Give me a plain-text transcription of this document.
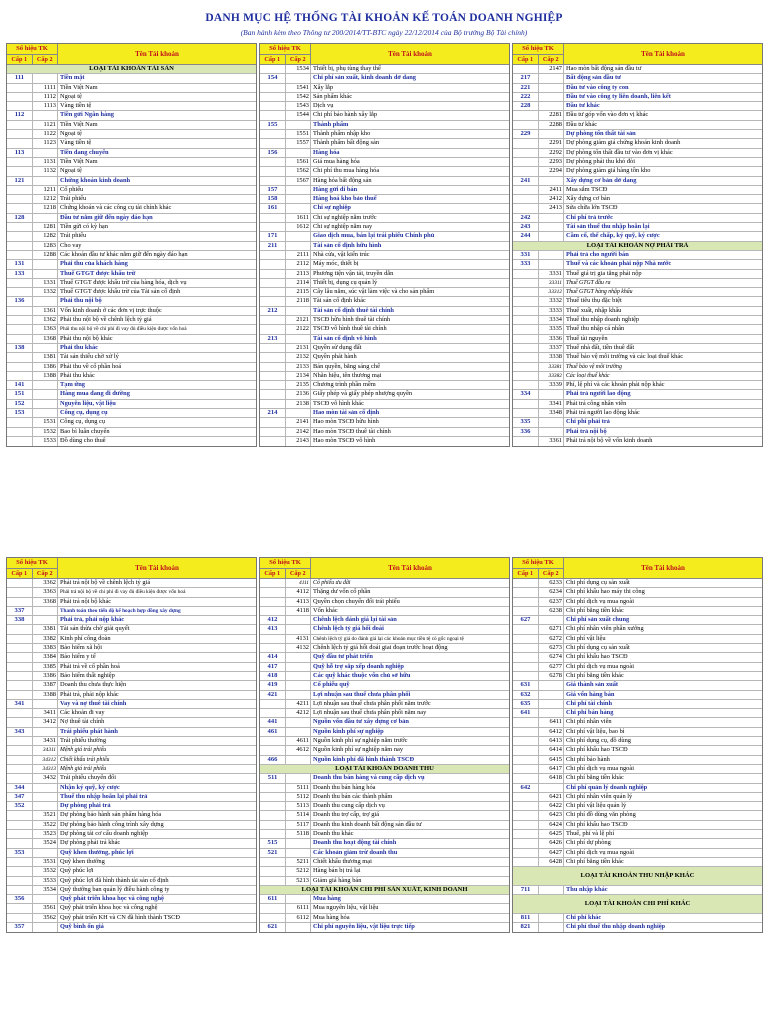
DANH MỤC HỆ THỐNG TÀI KHOẢN KẾ TOÁN DOANH NGHIỆP
(Ban hành kèm theo Thông tư 200/2014/TT-BTC ngày 22/12/2014 của Bộ trưởng Bộ Tài chính)
Số hiệu TK
Cấp 1	Cấp 2
Tên Tài khoản
LOẠI TÀI KHOẢN TÀI SẢN
111	Tiền mặt
1111 Tiền Việt Nam
1112 Ngoại tệ
1113 Vàng tiền tệ
112	Tiền gửi Ngân hàng
1121 Tiền Việt Nam
1122 Ngoại tệ
1123 Vàng tiền tệ
113	Tiền đang chuyển
1131 Tiền Việt Nam
1132 Ngoại tệ
121	Chứng khoán kinh doanh
1211 Cổ phiếu
1212 Trái phiếu
1218 Chứng khoán và các công cụ tài chính khác
128	Đầu tư nắm giữ đến ngày đáo hạn
1281 Tiền gửi có kỳ hạn
1282 Trái phiếu
1283 Cho vay
1288 Các khoản đầu tư khác nắm giữ đến ngày đáo hạn
131	Phải thu của khách hàng
133	Thuế GTGT được khấu trừ
1331 Thuế GTGT được khấu trừ của hàng hóa, dịch vụ
1332 Thuế GTGT được khấu trừ của Tài sản cố định
136	Phải thu nội bộ
1361 Vốn kinh doanh ở các đơn vị trực thuộc
1362 Phải thu nội bộ về chênh lệch tỷ giá
1363 Phải thu nội bộ về chi phí đi vay đủ điều kiện được vốn hoá
1368 Phải thu nội bộ khác
138	Phải thu khác
1381 Tài sản thiếu chờ xử lý
1386 Phải thu về cổ phần hoá
1388 Phải thu khác
141	Tạm ứng
151	Hàng mua đang đi đường
152	Nguyên liệu, vật liệu
153	Công cụ, dụng cụ
1531 Công cụ, dụng cụ
1532 Bao bì luân chuyển
1533 Đồ dùng cho thuê
Số hiệu TK
Cấp 1	Cấp 2
Tên Tài khoản
1534 Thiết bị, phụ tùng thay thế
154	Chi phí sản xuất, kinh doanh dở dang
1541 Xây lắp
1542 Sản phẩm khác
1543 Dịch vụ
1544 Chi phí bảo hành xây lắp
155	Thành phẩm
1551 Thành phẩm nhập kho
1557 Thành phẩm bất động sản
156	Hàng hóa
1561 Giá mua hàng hóa
1562 Chi phí thu mua hàng hóa
1567 Hàng hóa bất động sản
157	Hàng gửi đi bán
158	Hàng hoá kho bảo thuế
161	Chi sự nghiệp
1611 Chi sự nghiệp năm trước
1612 Chi sự nghiệp năm nay
171	Giao dịch mua, bán lại trái phiếu Chính phủ
211	Tài sản cố định hữu hình
2111 Nhà cửa, vật kiến trúc
2112 Máy móc, thiết bị
2113 Phương tiện vận tải, truyền dẫn
2114 Thiết bị, dụng cụ quản lý
2115 Cây lâu năm, súc vật làm việc và cho sản phẩm
2118 Tài sản cố định khác
212	Tài sản cố định thuê tài chính
2121 TSCĐ hữu hình thuê tài chính
2122 TSCĐ vô hình thuê tài chính
213	Tài sản cố định vô hình
2131 Quyền sử dụng đất
2132 Quyền phát hành
2133 Bản quyền, bằng sáng chế
2134 Nhãn hiệu, tên thương mại
2135 Chương trình phần mềm
2136 Giấy phép và giấy phép nhượng quyền
2138 TSCĐ vô hình khác
214	Hao mòn tài sản cố định
2141 Hao mòn TSCĐ hữu hình
2142 Hao mòn TSCĐ thuê tài chính
2143 Hao mòn TSCĐ vô hình
Số hiệu TK
Cấp 1	Cấp 2
Tên Tài khoản
2147 Hao mòn bất động sản đầu tư
217	Bất động sản đầu tư
221	Đầu tư vào công ty con
222	Đầu tư vào công ty liên doanh, liên kết
228	Đầu tư khác
2281 Đầu tư góp vốn vào đơn vị khác
2288 Đầu tư khác
229	Dự phòng tổn thất tài sản
2291 Dự phòng giảm giá chứng khoán kinh doanh
2292 Dự phòng tổn thất đầu tư vào đơn vị khác
2293 Dự phòng phải thu khó đòi
2294 Dự phòng giảm giá hàng tồn kho
241	Xây dựng cơ bản dở dang
2411 Mua sắm TSCĐ
2412 Xây dựng cơ bản
2413 Sửa chữa lớn TSCĐ
242	Chi phí trả trước
243	Tài sản thuế thu nhập hoãn lại
244	Cầm cố, thế chấp, ký quỹ, ký cược
LOẠI TÀI KHOẢN NỢ PHẢI TRẢ
331	Phải trả cho người bán
333	Thuế và các khoản phải nộp Nhà nước
3331 Thuế giá trị gia tăng phải nộp
33311 Thuế GTGT đầu ra
33312 Thuế GTGT hàng nhập khẩu
3332 Thuế tiêu thụ đặc biệt
3333 Thuế xuất, nhập khẩu
3334 Thuế thu nhập doanh nghiệp
3335 Thuế thu nhập cá nhân
3336 Thuế tài nguyên
3337 Thuế nhà đất, tiền thuê đất
3338 Thuế bảo vệ môi trường và các loại thuế khác
33381 Thuế bảo vệ môi trường
33382 Các loại thuế khác
3339 Phí, lệ phí và các khoản phải nộp khác
334	Phải trả người lao động
3341 Phải trả công nhân viên
3348 Phải trả người lao động khác
335	Chi phí phải trả
336	Phải trả nội bộ
3361 Phải trả nội bộ về vốn kinh doanh
Số hiệu TK
Cấp 1	Cấp 2
Tên Tài khoản
3362 Phải trả nội bộ về chênh lệch tỷ giá
3363 Phải trả nội bộ về chi phí đi vay đủ điều kiện được vốn hoá
3368 Phải trả nội bộ khác
337	Thanh toán theo tiến độ kế hoạch hợp đồng xây dựng
338	Phải trả, phải nộp khác
3381 Tài sản thừa chờ giải quyết
3382 Kinh phí công đoàn
3383 Bảo hiểm xã hội
3384 Bảo hiểm y tế
3385 Phải trả về cổ phần hoá
3386 Bảo hiểm thất nghiệp
3387 Doanh thu chưa thực hiện
3388 Phải trả, phải nộp khác
341	Vay và nợ thuê tài chính
3411 Các khoản đi vay
3412 Nợ thuê tài chính
343	Trái phiếu phát hành
3431 Trái phiếu thường
34311 Mệnh giá trái phiếu
34312 Chiết khấu trái phiếu
34313 Mệnh giá trái phiếu
3432 Trái phiếu chuyển đổi
344	Nhận ký quỹ, ký cược
347	Thuế thu nhập hoãn lại phải trả
352	Dự phòng phải trả
3521 Dự phòng bảo hành sản phẩm hàng hóa
3522 Dự phòng bảo hành công trình xây dựng
3523 Dự phòng tái cơ cấu doanh nghiệp
3524 Dự phòng phải trả khác
353	Quỹ khen thưởng, phúc lợi
3531 Quỹ khen thưởng
3532 Quỹ phúc lợi
3533 Quỹ phúc lợi đã hình thành tài sản cố định
3534 Quỹ thưởng ban quản lý điều hành công ty
356	Quỹ phát triển khoa học và công nghệ
3561 Quỹ phát triển khoa học và công nghệ
3562 Quỹ phát triển KH và CN đã hình thành TSCĐ
357	Quỹ bình ổn giá
Số hiệu TK
Cấp 1	Cấp 2
Tên Tài khoản
4111 Cổ phiếu ưu đãi
4112 Thặng dư vốn cổ phần
4113 Quyền chọn chuyển đổi trái phiếu
4118 Vốn khác
412	Chênh lệch đánh giá lại tài sản
413	Chênh lệch tỷ giá hối đoái
4131 Chênh lệch tỷ giá do đánh giá lại các khoản mục tiền tệ có gốc ngoại tệ
4132 Chênh lệch tỷ giá hối đoái giai đoạn trước hoạt động
414	Quỹ đầu tư phát triển
417	Quỹ hỗ trợ sắp xếp doanh nghiệp
418	Các quỹ khác thuộc vốn chủ sở hữu
419	Cổ phiếu quỹ
421	Lợi nhuận sau thuế chưa phân phối
4211 Lợi nhuận sau thuế chưa phân phối năm trước
4212 Lợi nhuận sau thuế chưa phân phối năm nay
441	Nguồn vốn đầu tư xây dựng cơ bản
461	Nguồn kinh phí sự nghiệp
4611 Nguồn kinh phí sự nghiệp năm trước
4612 Nguồn kinh phí sự nghiệp năm nay
466	Nguồn kinh phí đã hình thành TSCĐ
LOẠI TÀI KHOẢN DOANH THU
511	Doanh thu bán hàng và cung cấp dịch vụ
5111 Doanh thu bán hàng hóa
5112 Doanh thu bán các thành phẩm
5113 Doanh thu cung cấp dịch vụ
5114 Doanh thu trợ cấp, trợ giá
5117 Doanh thu kinh doanh bất động sản đầu tư
5118 Doanh thu khác
515	Doanh thu hoạt động tài chính
521	Các khoản giảm trừ doanh thu
5211 Chiết khấu thương mại
5212 Hàng bán bị trả lại
5213 Giảm giá hàng bán
LOẠI TÀI KHOẢN CHI PHÍ SẢN XUẤT, KINH DOANH
611	Mua hàng
6111 Mua nguyên liệu, vật liệu
6112 Mua hàng hóa
621	Chi phí nguyên liệu, vật liệu trực tiếp
Số hiệu TK
Cấp 1	Cấp 2
Tên Tài khoản
6233 Chi phí dụng cụ sản xuất
6234 Chi phí khấu hao máy thi công
6237 Chi phí dịch vụ mua ngoài
6238 Chi phí bằng tiền khác
627	Chi phí sản xuất chung
6271 Chi phí nhân viên phân xưởng
6272 Chi phí vật liệu
6273 Chi phí dụng cụ sản xuất
6274 Chi phí khấu hao TSCĐ
6277 Chi phí dịch vụ mua ngoài
6278 Chi phí bằng tiền khác
631	Giá thành sản xuất
632	Giá vốn hàng bán
635	Chi phí tài chính
641	Chi phí bán hàng
6411 Chi phí nhân viên
6412 Chi phí vật liệu, bao bì
6413 Chi phí dụng cụ, đồ dùng
6414 Chi phí khấu hao TSCĐ
6415 Chi phí bảo hành
6417 Chi phí dịch vụ mua ngoài
6418 Chi phí bằng tiền khác
642	Chi phí quản lý doanh nghiệp
6421 Chi phí nhân viên quản lý
6422 Chi phí vật liệu quản lý
6423 Chi phí đồ dùng văn phòng
6424 Chi phí khấu hao TSCĐ
6425 Thuế, phí và lệ phí
6426 Chi phí dự phòng
6427 Chi phí dịch vụ mua ngoài
6428 Chi phí bằng tiền khác
LOẠI TÀI KHOẢN THU NHẬP KHÁC
711	Thu nhập khác
LOẠI TÀI KHOẢN CHI PHÍ KHÁC
811	Chi phí khác
821	Chi phí thuế thu nhập doanh nghiệp
